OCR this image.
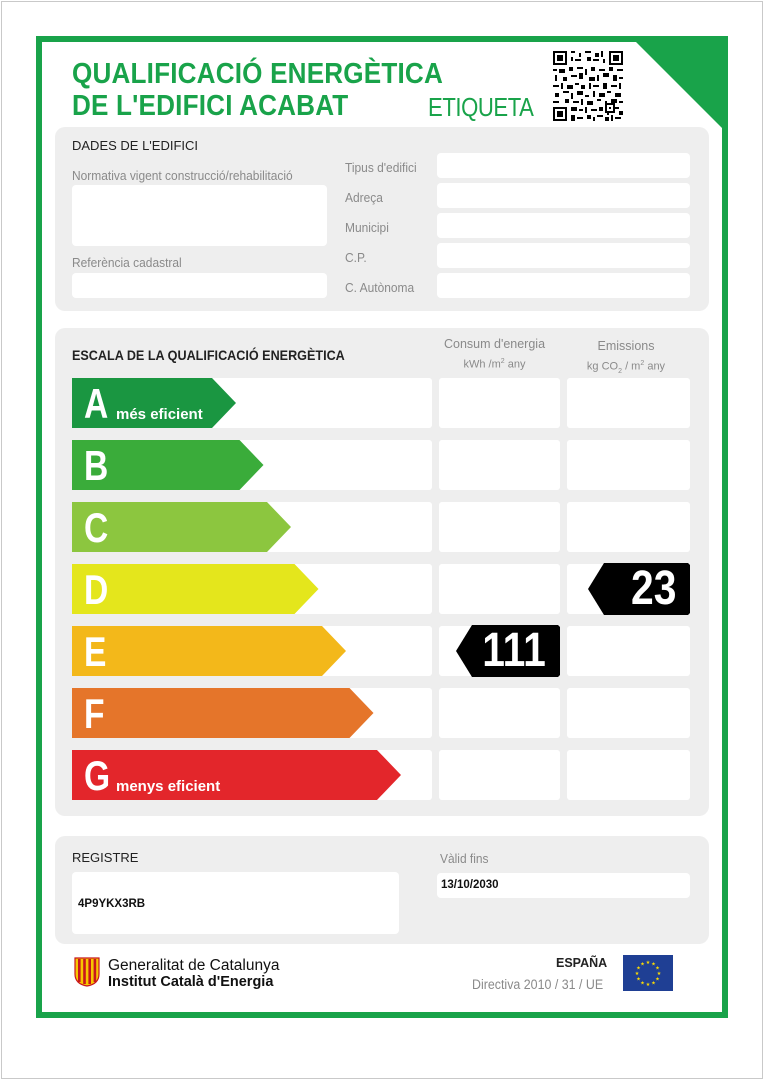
QUALIFICACIÓ ENERGÈTICA
DE L'EDIFICI ACABAT	ETIQUETA
DADES DE L'EDIFICI
Normativa vigent construcció/rehabilitació
Referència cadastral
Tipus d'edifici
Adreça
Municipi
C.P.
C. Autònoma
ESCALA DE LA QUALIFICACIÓ ENERGÈTICA
Consum d'energia
kWh $/m^2$ any
Emissions
kg $CO_2 / m^2$ any
A més eficient
B
C
D
E
F
G menys eficient
111
23
REGISTRE
4P9YKX3RB
Vàlid fins
13/10/2030
Generalitat de Catalunya
Institut Català d'Energia
ESPAÑA
Directiva 2010 / 31 / UE
★ ★
★
★
★
★
★
★
★
★
★
★
